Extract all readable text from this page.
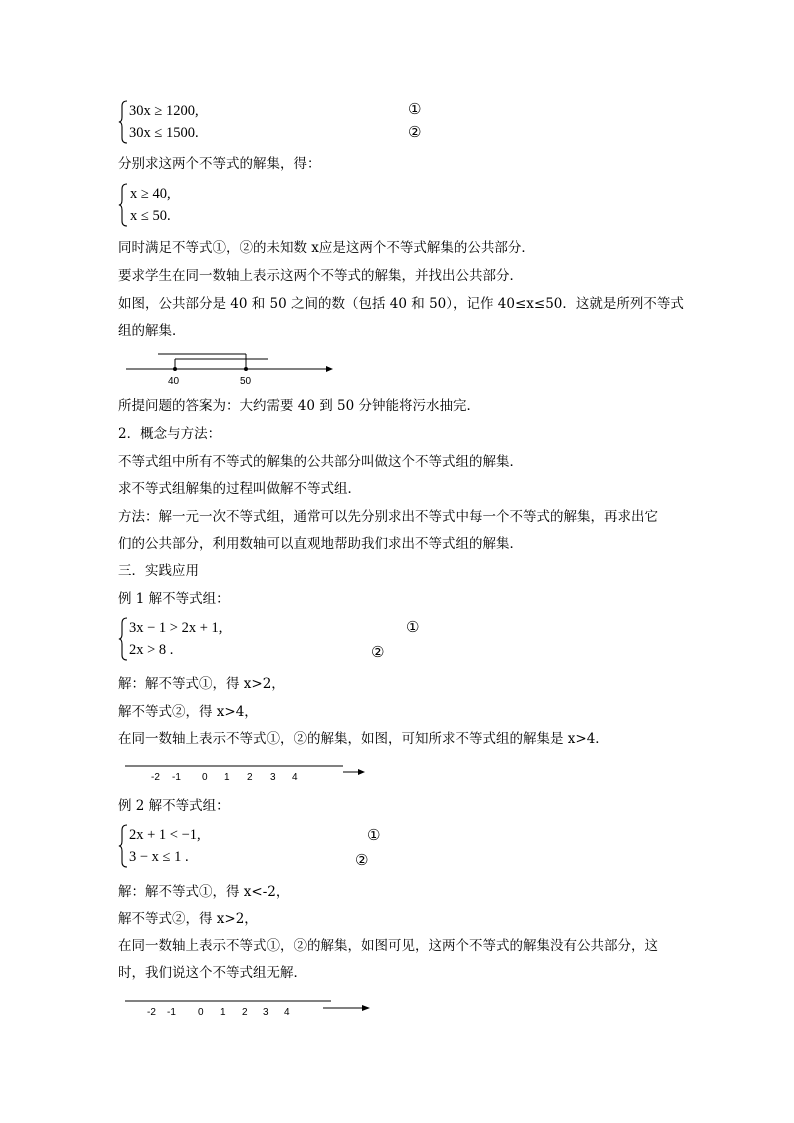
30x ≥ 1200,
30x ≤ 1500.
①
②
分别求这两个不等式的解集，得：
x ≥ 40,
x ≤ 50.
同时满足不等式①，②的未知数 x应是这两个不等式解集的公共部分．
要求学生在同一数轴上表示这两个不等式的解集，并找出公共部分．
如图，公共部分是 40 和 50 之间的数（包括 40 和 50），记作 40≤x≤50．这就是所列不等式
组的解集．
40	50
所提问题的答案为：大约需要 40 到 50 分钟能将污水抽完．
2．概念与方法：
不等式组中所有不等式的解集的公共部分叫做这个不等式组的解集．
求不等式组解集的过程叫做解不等式组．
方法：解一元一次不等式组，通常可以先分别求出不等式中每一个不等式的解集，再求出它
们的公共部分，利用数轴可以直观地帮助我们求出不等式组的解集．
三．实践应用
例 1 解不等式组：
3x − 1 > 2x + 1,
2x > 8 .
①
②
解：解不等式①，得 x>2，
解不等式②，得 x>4，
在同一数轴上表示不等式①，②的解集，如图，可知所求不等式组的解集是 x>4．
-2 -1 0 1 2 3 4
例 2 解不等式组：
2x + 1 < −1,
3 − x ≤ 1 .
①
②
解：解不等式①，得 x<-2，
解不等式②，得 x>2，
在同一数轴上表示不等式①，②的解集，如图可见，这两个不等式的解集没有公共部分，这
时，我们说这个不等式组无解．
-2 -1 0 1 2 3 4
